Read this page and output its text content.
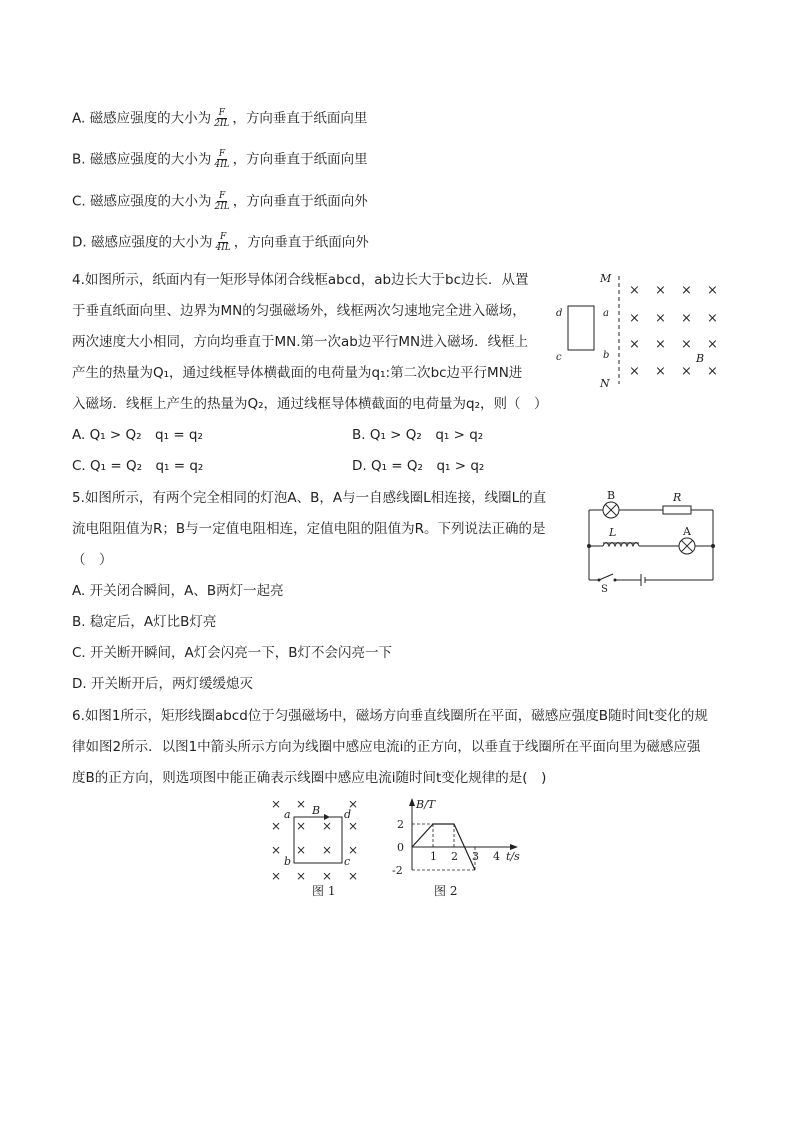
A. 磁感应强度的大小为 $\frac{F}{2IL}$ ，方向垂直于纸面向里
B. 磁感应强度的大小为 $\frac{F}{4IL}$ ，方向垂直于纸面向里
C. 磁感应强度的大小为 $\frac{F}{2IL}$ ，方向垂直于纸面向外
D. 磁感应强度的大小为 $\frac{F}{4IL}$ ，方向垂直于纸面向外
4.如图所示，纸面内有一矩形导体闭合线框abcd，ab边长大于bc边长．从置
于垂直纸面向里、边界为MN的匀强磁场外，线框两次匀速地完全进入磁场，
两次速度大小相同，方向均垂直于MN.第一次ab边平行MN进入磁场．线框上
产生的热量为Q₁，通过线框导体横截面的电荷量为q₁:第二次bc边平行MN进
入磁场．线框上产生的热量为Q₂，通过线框导体横截面的电荷量为q₂，则（　）
A. Q₁ > Q₂　q₁ = q₂	B. Q₁ > Q₂　q₁ > q₂
C. Q₁ = Q₂　q₁ = q₂	D. Q₁ = Q₂　q₁ > q₂
M
N
d
c
a
b
× × × ×
× × × ×
× × × ×
× × × ×
B
5.如图所示，有两个完全相同的灯泡A、B，A与一自感线圈L相连接，线圈L的直
流电阻阻值为R；B与一定值电阻相连，定值电阻的阻值为R。下列说法正确的是
（　）
A. 开关闭合瞬间，A、B两灯一起亮
B. 稳定后，A灯比B灯亮
C. 开关断开瞬间，A灯会闪亮一下，B灯不会闪亮一下
D. 开关断开后，两灯缓缓熄灭
B	R
L	A
S
6.如图1所示，矩形线圈abcd位于匀强磁场中，磁场方向垂直线圈所在平面，磁感应强度B随时间t变化的规
律如图2所示．以图1中箭头所示方向为线圈中感应电流i的正方向，以垂直于线圈所在平面向里为磁感应强
度B的正方向，则选项图中能正确表示线圈中感应电流i随时间t变化规律的是(　)
× ×	×
×	×
×	×
× × × ×
× ×
× ×
B
a	d
b	c
图 1
B/T
t/s
1 2 3 4
2
0
-2
图 2
